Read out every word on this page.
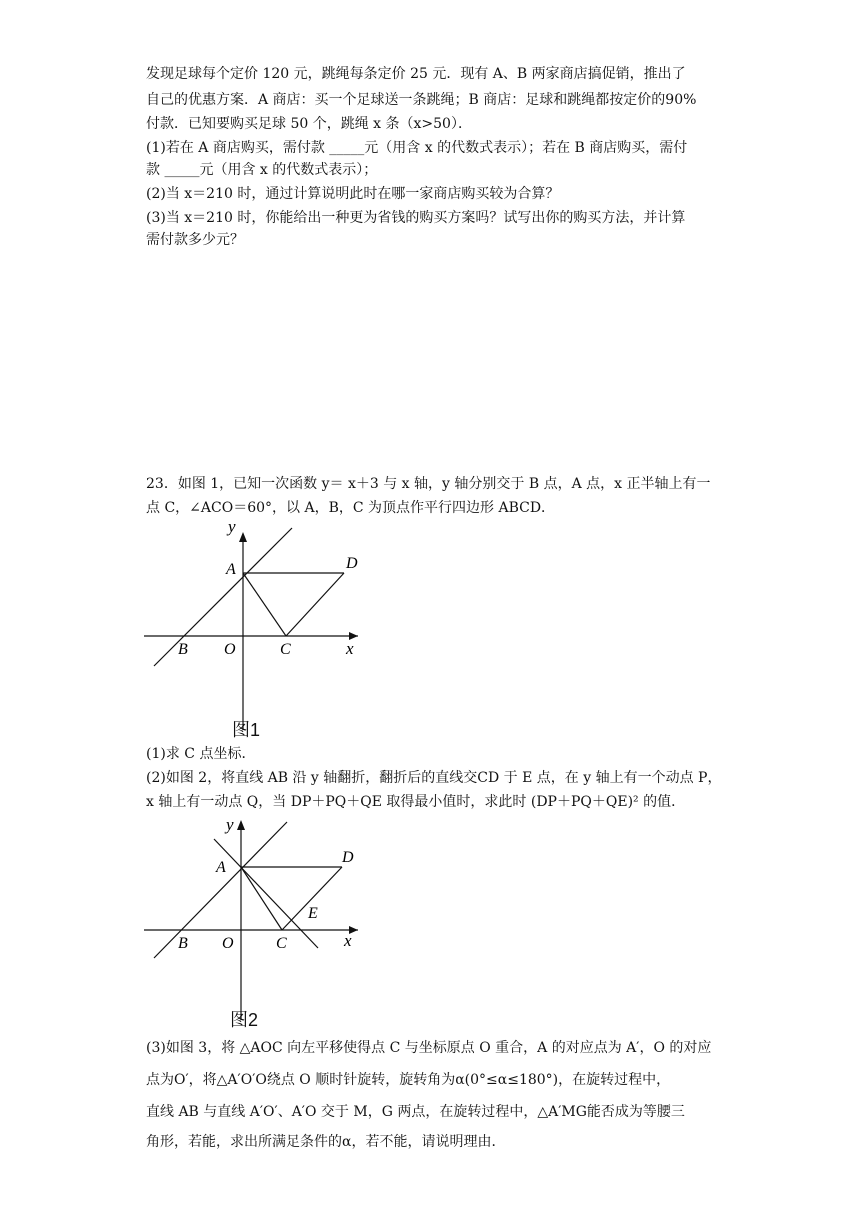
发现足球每个定价 120 元，跳绳每条定价 25 元．现有 A、B 两家商店搞促销，推出了
自己的优惠方案．A 商店：买一个足球送一条跳绳；B 商店：足球和跳绳都按定价的90%
付款．已知要购买足球 50 个，跳绳 x 条（x>50）．
(1)若在 A 商店购买，需付款 _____元（用含 x 的代数式表示）；若在 B 商店购买，需付
款 _____元（用含 x 的代数式表示）；
(2)当 x＝210 时，通过计算说明此时在哪一家商店购买较为合算？
(3)当 x＝210 时，你能给出一种更为省钱的购买方案吗？试写出你的购买方法，并计算
需付款多少元？
23．如图 1，已知一次函数 y＝ x＋3 与 x 轴，y 轴分别交于 B 点，A 点，x 正半轴上有一
点 C，∠ACO＝60°，以 A，B，C 为顶点作平行四边形 ABCD．
y
A	D
B O	C	x
图1
(1)求 C 点坐标．
(2)如图 2，将直线 AB 沿 y 轴翻折，翻折后的直线交CD 于 E 点，在 y 轴上有一个动点 P，
x 轴上有一动点 Q，当 DP＋PQ＋QE 取得最小值时，求此时 (DP＋PQ＋QE)² 的值．
y
A
D
E
B O	C	x
图2
(3)如图 3，将 △AOC 向左平移使得点 C 与坐标原点 O 重合，A 的对应点为 A′，O 的对应
点为O′，将△A′O′O绕点 O 顺时针旋转，旋转角为α(0°≤α≤180°)，在旋转过程中，
直线 AB 与直线 A′O′、A′O 交于 M，G 两点，在旋转过程中，△A′MG能否成为等腰三
角形，若能，求出所满足条件的α，若不能，请说明理由．
